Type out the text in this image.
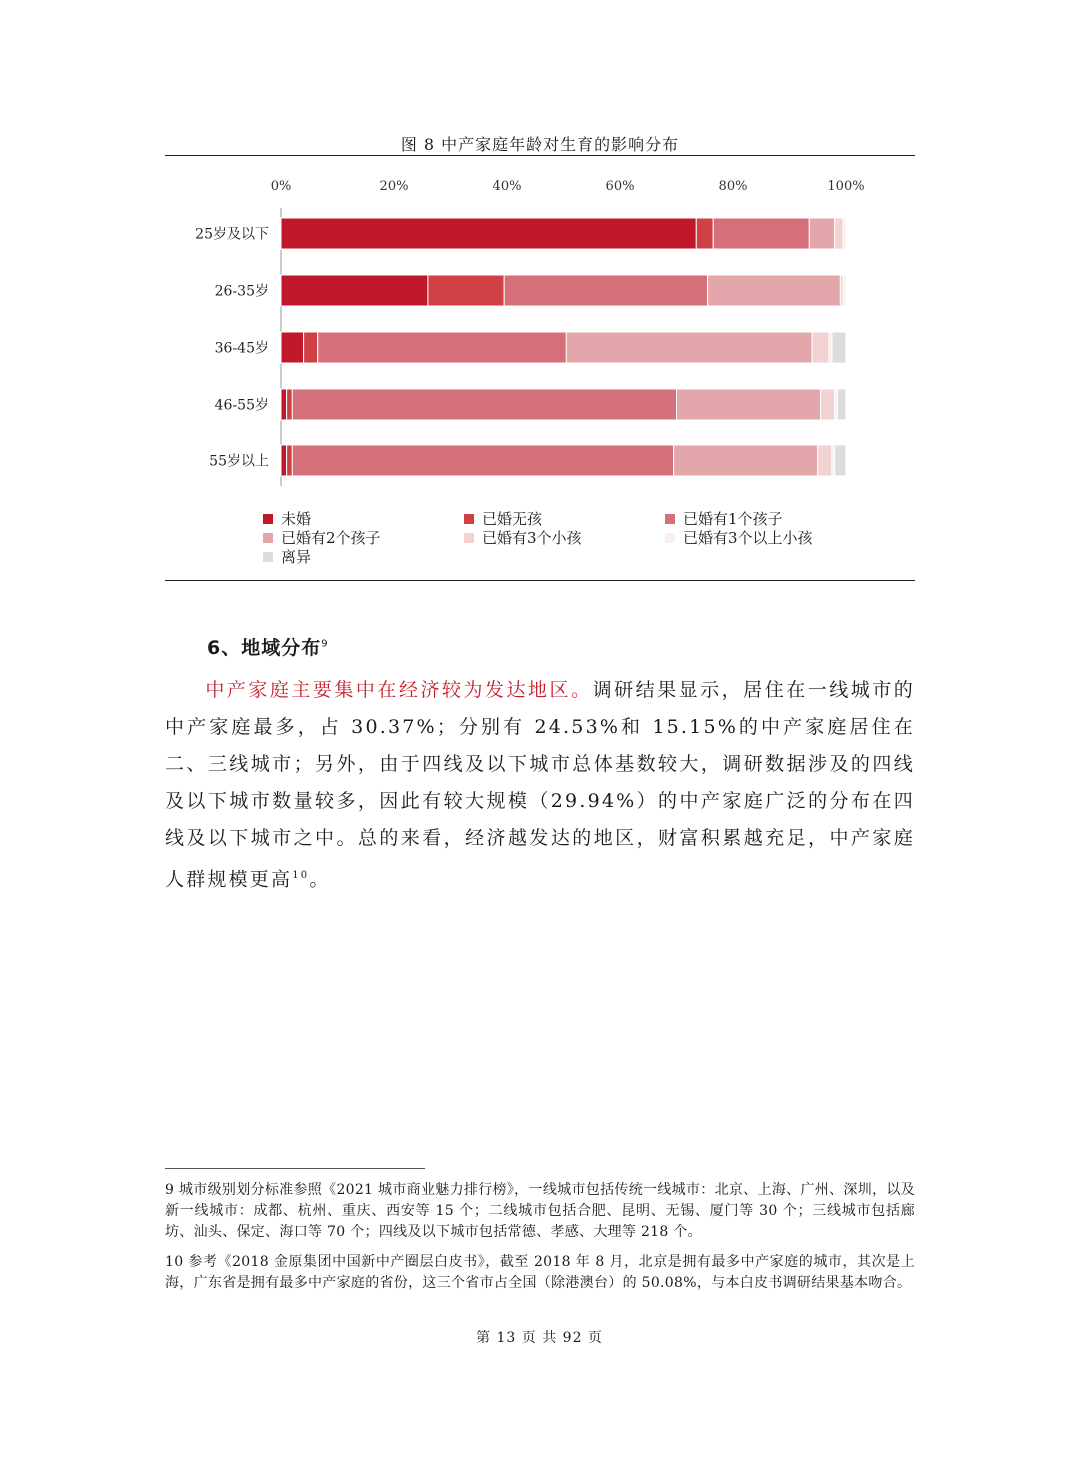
图 8 中产家庭年龄对生育的影响分布
0%	20%	40%	60%	80%	100%
25岁及以下
26-35岁
36-45岁
46-55岁
55岁以上
未婚	已婚无孩	已婚有1个孩子
已婚有2个孩子	已婚有3个小孩	已婚有3个以上小孩
离异
6、地域分布$^9$
中产家庭主要集中在经济较为发达地区。调研结果显示，居住在一线城市的中产家庭最多，占 30.37%；分别有 24.53%和 15.15%的中产家庭居住在二、三线城市；另外，由于四线及以下城市总体基数较大，调研数据涉及的四线及以下城市数量较多，因此有较大规模（29.94%）的中产家庭广泛的分布在四线及以下城市之中。总的来看，经济越发达的地区，财富积累越充足，中产家庭人群规模更高$^{10}$。
9 城市级别划分标准参照《2021 城市商业魅力排行榜》，一线城市包括传统一线城市：北京、上海、广州、深圳，以及新一线城市：成都、杭州、重庆、西安等 15 个；二线城市包括合肥、昆明、无锡、厦门等 30 个；三线城市包括廊坊、汕头、保定、海口等 70 个；四线及以下城市包括常德、孝感、大理等 218 个。
10 参考《2018 金原集团中国新中产圈层白皮书》，截至 2018 年 8 月，北京是拥有最多中产家庭的城市，其次是上海，广东省是拥有最多中产家庭的省份，这三个省市占全国（除港澳台）的 50.08%，与本白皮书调研结果基本吻合。
第 13 页 共 92 页
